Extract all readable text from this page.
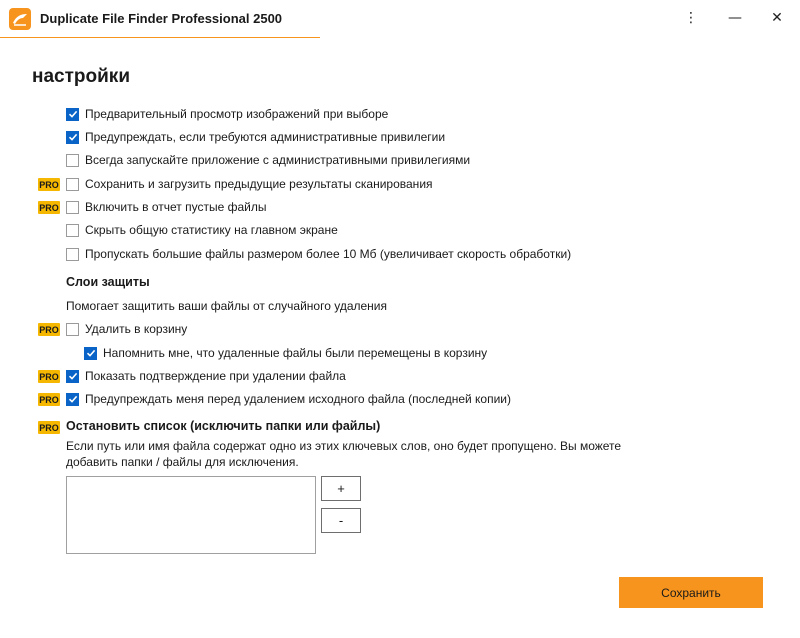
Duplicate File Finder Professional 2500	⋮	—	✕
настройки
Предварительный просмотр изображений при выборе
Предупреждать, если требуются административные привилегии
Всегда запускайте приложение с административными привилегиями
PRO Сохранить и загрузить предыдущие результаты сканирования
PRO Включить в отчет пустые файлы
Скрыть общую статистику на главном экране
Пропускать большие файлы размером более 10 Мб (увеличивает скорость обработки)
Слои защиты
Помогает защитить ваши файлы от случайного удаления
PRO Удалить в корзину
Напомнить мне, что удаленные файлы были перемещены в корзину
PRO Показать подтверждение при удалении файла
PRO Предупреждать меня перед удалением исходного файла (последней копии)
PRO Остановить список (исключить папки или файлы)
Если путь или имя файла содержат одно из этих ключевых слов, оно будет пропущено. Вы можете добавить папки / файлы для исключения.
+
-
Сохранить
